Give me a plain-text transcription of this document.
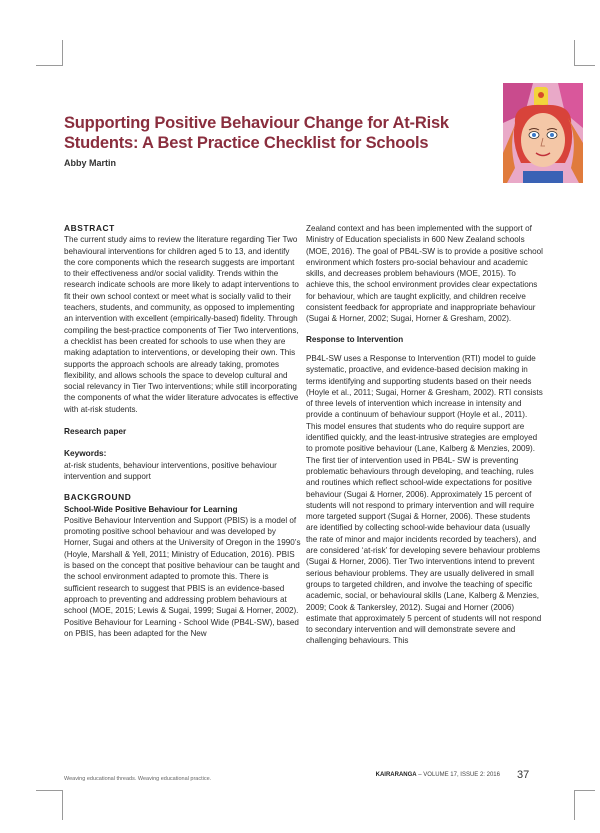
Supporting Positive Behaviour Change for At-Risk Students: A Best Practice Checklist for Schools
Abby Martin

ABSTRACT

The current study aims to review the literature regarding Tier Two behavioural interventions for children aged 5 to 13, and identify the core components which the research suggests are important to their effectiveness and/or social validity. Trends within the research indicate schools are more likely to adapt interventions to fit their own school context or meet what is socially valid to their teachers, students, and community, as opposed to implementing an intervention with excellent (empirically-based) fidelity. Through compiling the best-practice components of Tier Two interventions, a checklist has been created for schools to use when they are making adaptation to interventions, or developing their own. This supports the approach schools are already taking, promotes flexibility, and allows schools the space to develop cultural and social relevancy in Tier Two interventions; while still incorporating the components of what the wider literature advocates is effective with at-risk students.

Research paper

Keywords:

at-risk students, behaviour interventions, positive behaviour intervention and support

BACKGROUND

School-Wide Positive Behaviour for Learning

Positive Behaviour Intervention and Support (PBIS) is a model of promoting positive school behaviour and was developed by Horner, Sugai and others at the University of Oregon in the 1990’s (Hoyle, Marshall & Yell, 2011; Ministry of Education, 2016). PBIS is based on the concept that positive behaviour can be taught and the school environment adapted to promote this. There is sufficient research to suggest that PBIS is an evidence-based approach to preventing and addressing problem behaviours at school (MOE, 2015; Lewis & Sugai, 1999; Sugai & Horner, 2002). Positive Behaviour for Learning - School Wide (PB4L-SW), based on PBIS, has been adapted for the New

Zealand context and has been implemented with the support of Ministry of Education specialists in 600 New Zealand schools (MOE, 2016). The goal of PB4L-SW is to provide a positive school environment which fosters pro-social behaviour and academic skills, and decreases problem behaviours (MOE, 2015). To achieve this, the school environment provides clear expectations for behaviour, which are taught explicitly, and children receive consistent feedback for appropriate and inappropriate behaviour (Sugai & Horner, 2002; Sugai, Horner & Gresham, 2002).

Response to Intervention

PB4L-SW uses a Response to Intervention (RTI) model to guide systematic, proactive, and evidence-based decision making in terms identifying and supporting students based on their needs (Hoyle et al., 2011; Sugai, Horner & Gresham, 2002). RTI consists of three levels of intervention which increase in intensity and provide a continuum of behaviour support (Hoyle et al., 2011). This model ensures that students who do require support are identified quickly, and the least-intrusive strategies are employed to promote positive behaviour (Lane, Kalberg & Menzies, 2009). The first tier of intervention used in PB4L- SW is preventing problematic behaviours through developing, and teaching, rules and routines which reflect school-wide expectations for positive behaviour (Sugai & Horner, 2006). Approximately 15 percent of students will not respond to primary intervention and will require more targeted support (Sugai & Horner, 2006). These students are identified by collecting school-wide behaviour data (usually the rate of minor and major incidents recorded by teachers), and are considered ‘at-risk’ for developing severe behaviour problems (Sugai & Horner, 2006). Tier Two interventions intend to prevent serious behaviour problems. They are usually delivered in small groups to targeted children, and involve the teaching of specific academic, social, or behavioural skills (Lane, Kalberg & Menzies, 2009; Cook & Tankersley, 2012). Sugai and Horner (2006) estimate that approximately 5 percent of students will not respond to secondary intervention and will demonstrate severe and challenging behaviours. This

Weaving educational threads. Weaving educational practice.
KAIRARANGA – VOLUME 17, ISSUE 2: 2016 37
